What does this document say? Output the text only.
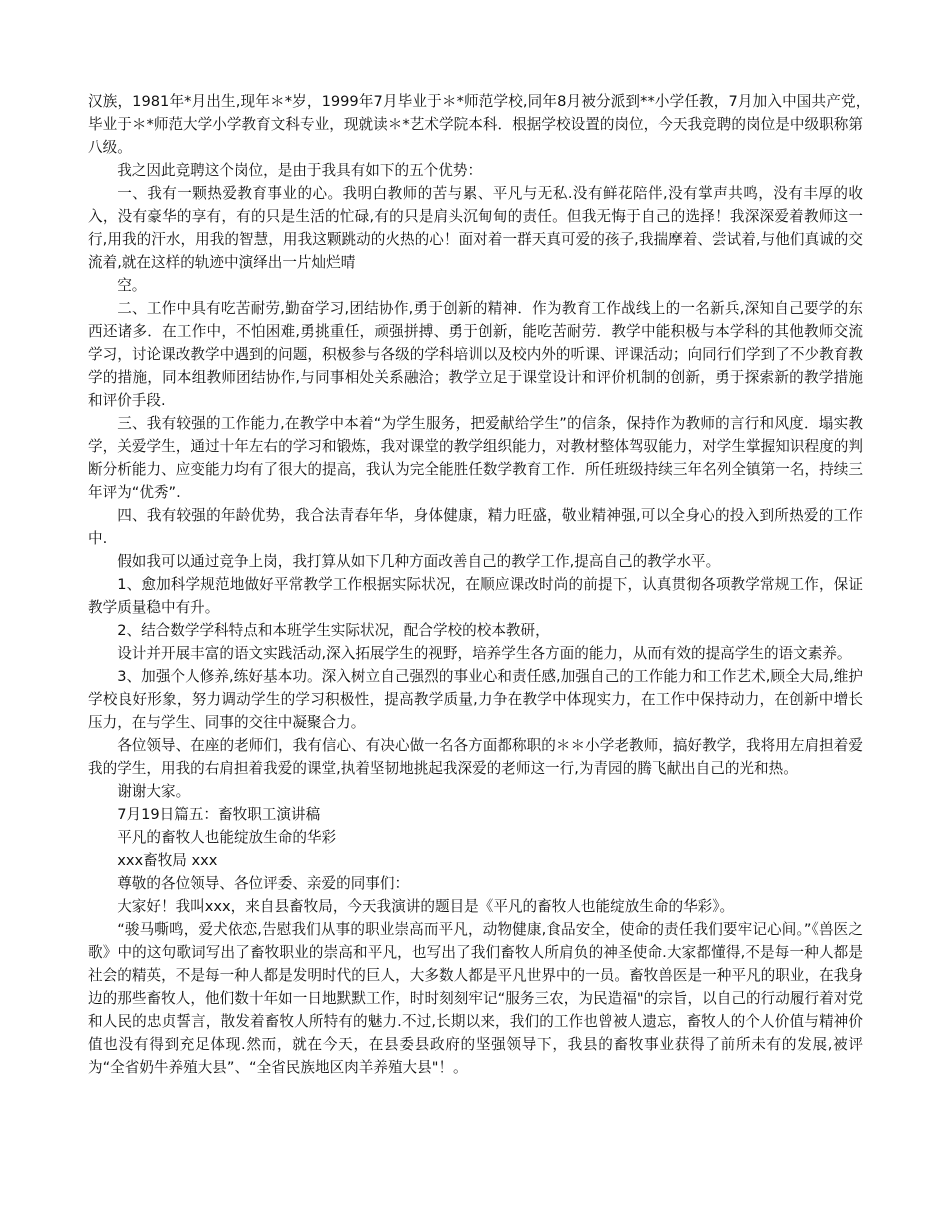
汉族，1981年*月出生,现年＊*岁，1999年7月毕业于＊*师范学校,同年8月被分派到**小学任教，7月加入中国共产党，　毕业于＊*师范大学小学教育文科专业，现就读＊*艺术学院本科．根据学校设置的岗位，今天我竞聘的岗位是中级职称第八级。

我之因此竞聘这个岗位，是由于我具有如下的五个优势：

一、我有一颗热爱教育事业的心。我明白教师的苦与累、平凡与无私.没有鲜花陪伴,没有掌声共鸣，没有丰厚的收入，没有豪华的享有，有的只是生活的忙碌,有的只是肩头沉甸甸的责任。但我无悔于自己的选择！我深深爱着教师这一行,用我的汗水，用我的智慧，用我这颗跳动的火热的心！面对着一群天真可爱的孩子,我揣摩着、尝试着,与他们真诚的交流着,就在这样的轨迹中演绎出一片灿烂晴

空。

二、工作中具有吃苦耐劳,勤奋学习,团结协作,勇于创新的精神．作为教育工作战线上的一名新兵,深知自己要学的东西还诸多．在工作中，不怕困难,勇挑重任，顽强拼搏、勇于创新，能吃苦耐劳．教学中能积极与本学科的其他教师交流学习，讨论课改教学中遇到的问题，积极参与各级的学科培训以及校内外的听课、评课活动；向同行们学到了不少教育教学的措施，同本组教师团结协作,与同事相处关系融洽；教学立足于课堂设计和评价机制的创新，勇于探索新的教学措施和评价手段.

三、我有较强的工作能力,在教学中本着“为学生服务，把爱献给学生”的信条，保持作为教师的言行和风度．塌实教学，关爱学生，通过十年左右的学习和锻炼，我对课堂的教学组织能力，对教材整体驾驭能力，对学生掌握知识程度的判断分析能力、应变能力均有了很大的提高，我认为完全能胜任数学教育工作．所任班级持续三年名列全镇第一名，持续三年评为“优秀”.

四、我有较强的年龄优势，我合法青春年华，身体健康，精力旺盛，敬业精神强,可以全身心的投入到所热爱的工作中.

假如我可以通过竞争上岗，我打算从如下几种方面改善自己的教学工作,提高自己的教学水平。

1、愈加科学规范地做好平常教学工作根据实际状况，在顺应课改时尚的前提下，认真贯彻各项教学常规工作，保证教学质量稳中有升。

2、结合数学学科特点和本班学生实际状况，配合学校的校本教研，

设计并开展丰富的语文实践活动,深入拓展学生的视野，培养学生各方面的能力，从而有效的提高学生的语文素养。

3、加强个人修养,练好基本功。深入树立自己强烈的事业心和责任感,加强自己的工作能力和工作艺术,顾全大局,维护学校良好形象，努力调动学生的学习积极性，提高教学质量,力争在教学中体现实力，在工作中保持动力，在创新中增长压力，在与学生、同事的交往中凝聚合力。

各位领导、在座的老师们，我有信心、有决心做一名各方面都称职的＊＊小学老教师，搞好教学，我将用左肩担着爱我的学生，用我的右肩担着我爱的课堂,执着坚韧地挑起我深爱的老师这一行,为青园的腾飞献出自己的光和热。

谢谢大家。

7月19日篇五：畜牧职工演讲稿

平凡的畜牧人也能绽放生命的华彩

xxx畜牧局 xxx

尊敬的各位领导、各位评委、亲爱的同事们：

大家好！我叫xxx，来自县畜牧局，今天我演讲的题目是《平凡的畜牧人也能绽放生命的华彩》。

“骏马嘶鸣，爱犬依恋,告慰我们从事的职业崇高而平凡，动物健康,食品安全，使命的责任我们要牢记心间。”《兽医之歌》中的这句歌词写出了畜牧职业的崇高和平凡，也写出了我们畜牧人所肩负的神圣使命.大家都懂得,不是每一种人都是社会的精英，不是每一种人都是发明时代的巨人，大多数人都是平凡世界中的一员。畜牧兽医是一种平凡的职业，在我身边的那些畜牧人，他们数十年如一日地默默工作，时时刻刻牢记“服务三农，为民造福"的宗旨，以自己的行动履行着对党和人民的忠贞誓言，散发着畜牧人所特有的魅力.不过,长期以来，我们的工作也曾被人遗忘，畜牧人的个人价值与精神价值也没有得到充足体现.然而，就在今天，在县委县政府的坚强领导下，我县的畜牧事业获得了前所未有的发展,被评为“全省奶牛养殖大县”、“全省民族地区肉羊养殖大县"！。
